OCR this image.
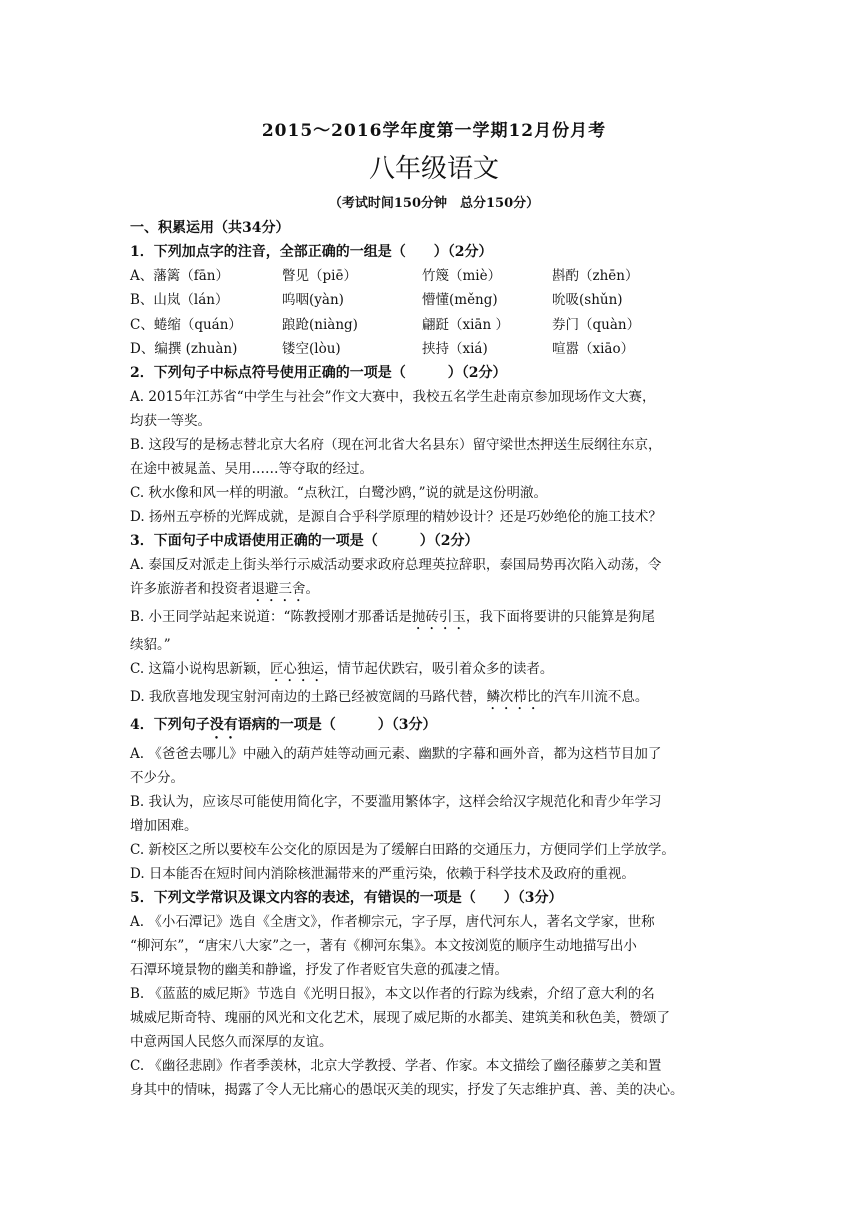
2015～2016学年度第一学期12月份月考

八年级语文

（考试时间150分钟　总分150分）

一、积累运用（共34分）

1．下列加点字的注音，全部正确的一组是（　　）（2分）

A、藩篱（fān）	瞥见（piē）	竹篾（miè）	斟酌（zhēn）
B、山岚（lán）	呜咽(yàn)	懵懂(měng)	吮吸(shǔn)
C、蜷缩（quán）	踉跄(niàng)	翩跹（xiān ）	券门（quàn）
D、编撰 (zhuàn)	镂空(lòu)	挟持（xiá)	喧嚣（xiāo）

2．下列句子中标点符号使用正确的一项是（　　　）（2分）

A. 2015年江苏省“中学生与社会”作文大赛中，我校五名学生赴南京参加现场作文大赛，

均获一等奖。

B. 这段写的是杨志替北京大名府（现在河北省大名县东）留守梁世杰押送生辰纲往东京，

在途中被晁盖、吴用……等夺取的经过。

C. 秋水像和风一样的明澈。“点秋江，白鹭沙鸥，”说的就是这份明澈。

D. 扬州五亭桥的光辉成就，是源自合乎科学原理的精妙设计？还是巧妙绝伦的施工技术？

3．下面句子中成语使用正确的一项是（　　　）（2分）

A. 泰国反对派走上街头举行示威活动要求政府总理英拉辞职，泰国局势再次陷入动荡，令

许多旅游者和投资者退避三舍。

B. 小王同学站起来说道：“陈教授刚才那番话是抛砖引玉，我下面将要讲的只能算是狗尾

续貂。”

C. 这篇小说构思新颖，匠心独运，情节起伏跌宕，吸引着众多的读者。

D. 我欣喜地发现宝射河南边的土路已经被宽阔的马路代替，鳞次栉比的汽车川流不息。

4．下列句子没有语病的一项是（　　　）（3分）

A. 《爸爸去哪儿》中融入的葫芦娃等动画元素、幽默的字幕和画外音，都为这档节目加了

不少分。

B. 我认为，应该尽可能使用简化字，不要滥用繁体字，这样会给汉字规范化和青少年学习

增加困难。

C. 新校区之所以要校车公交化的原因是为了缓解白田路的交通压力，方便同学们上学放学。

D. 日本能否在短时间内消除核泄漏带来的严重污染，依赖于科学技术及政府的重视。

5．下列文学常识及课文内容的表述，有错误的一项是（　　）（3分）

A. 《小石潭记》选自《全唐文》，作者柳宗元，字子厚，唐代河东人，著名文学家，世称

“柳河东”，“唐宋八大家”之一，著有《柳河东集》。本文按浏览的顺序生动地描写出小

石潭环境景物的幽美和静谧，抒发了作者贬官失意的孤凄之情。

B. 《蓝蓝的威尼斯》节选自《光明日报》，本文以作者的行踪为线索，介绍了意大利的名

城威尼斯奇特、瑰丽的风光和文化艺术，展现了威尼斯的水都美、建筑美和秋色美，赞颂了

中意两国人民悠久而深厚的友谊。

C. 《幽径悲剧》作者季羡林，北京大学教授、学者、作家。本文描绘了幽径藤萝之美和置

身其中的情味，揭露了令人无比痛心的愚氓灭美的现实，抒发了矢志维护真、善、美的决心。
